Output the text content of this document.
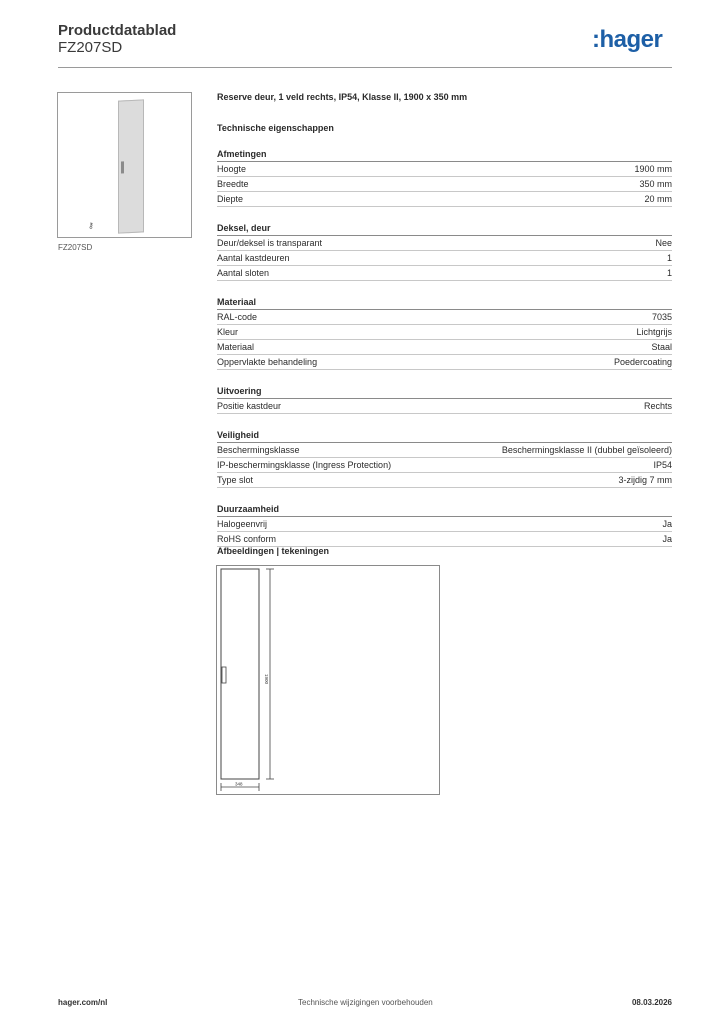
Productdatablad
FZ207SD	:hager
⚷
FZ207SD
Reserve deur, 1 veld rechts, IP54, Klasse II, 1900 x 350 mm
Technische eigenschappen
Afmetingen
Hoogte	1900 mm
Breedte	350 mm
Diepte	20 mm
Deksel, deur
Deur/deksel is transparant	Nee
Aantal kastdeuren	1
Aantal sloten	1
Materiaal
RAL-code	7035
Kleur	Lichtgrijs
Materiaal	Staal
Oppervlakte behandeling	Poedercoating
Uitvoering
Positie kastdeur	Rechts
Veiligheid
Beschermingsklasse	Beschermingsklasse II (dubbel geïsoleerd)
IP-beschermingsklasse (Ingress Protection)	IP54
Type slot	3-zijdig 7 mm
Duurzaamheid
Halogeenvrij	Ja
RoHS conform	Ja
Afbeeldingen | tekeningen
1900
348
hager.com/nl	Technische wijzigingen voorbehouden	08.03.2026
